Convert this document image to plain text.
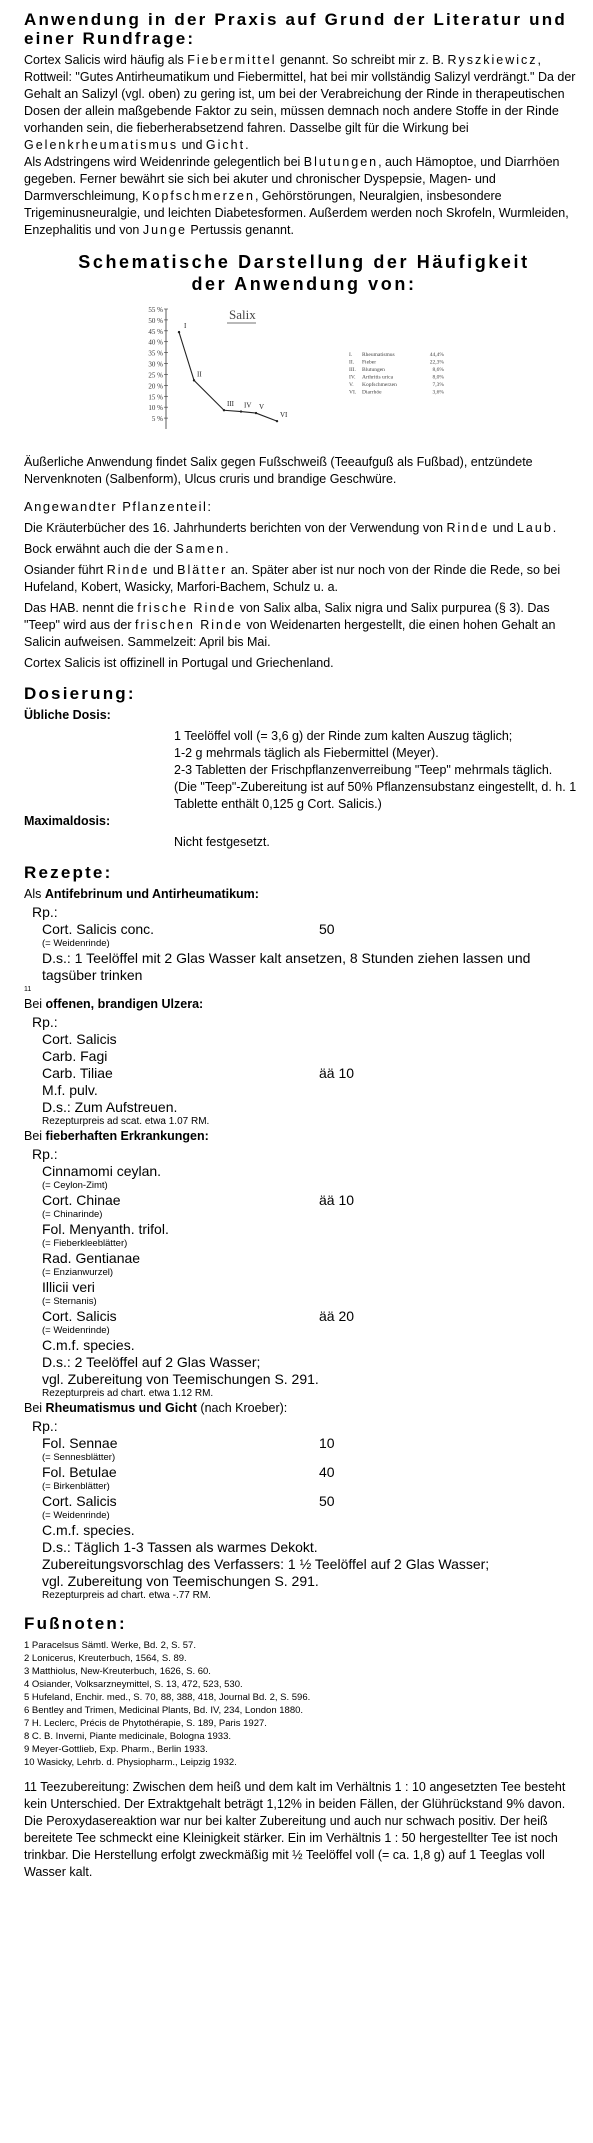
Anwendung in der Praxis auf Grund der Literatur und einer Rundfrage:

Cortex Salicis wird häufig als Fiebermittel genannt. So schreibt mir z. B. Ryszkiewicz, Rottweil: "Gutes Antirheumatikum und Fiebermittel, hat bei mir vollständig Salizyl verdrängt." Da der Gehalt an Salizyl (vgl. oben) zu gering ist, um bei der Verabreichung der Rinde in therapeutischen Dosen der allein maßgebende Faktor zu sein, müssen demnach noch andere Stoffe in der Rinde vorhanden sein, die fieberherabsetzend fahren. Dasselbe gilt für die Wirkung bei Gelenkrheumatismus und Gicht.

Als Adstringens wird Weidenrinde gelegentlich bei Blutungen, auch Hämoptoe, und Diarrhöen gegeben. Ferner bewährt sie sich bei akuter und chronischer Dyspepsie, Magen- und Darmverschleimung, Kopfschmerzen, Gehörstörungen, Neuralgien, insbesondere Trigeminusneuralgie, und leichten Diabetesformen. Außerdem werden noch Skrofeln, Wurmleiden, Enzephalitis und von Junge Pertussis genannt.

Schematische Darstellung der Häufigkeit
der Anwendung von:
55 %
50 %
45 %
40 %
35 %
30 %
25 %
20 %
15 %
10 %
5 %
Salix
I
II
III IV V
VI
I. Rheumatismus	44,4%
II. Fieber	22,3%
III. Blutungen	8,6%
IV. Arthritis urica	8,0%
V. Kopfschmerzen	7,3%
VI. Diarrhöe	3,6%

Äußerliche Anwendung findet Salix gegen Fußschweiß (Teeaufguß als Fußbad), entzündete Nervenknoten (Salbenform), Ulcus cruris und brandige Geschwüre.

Angewandter Pflanzenteil:

Die Kräuterbücher des 16. Jahrhunderts berichten von der Verwendung von Rinde und Laub.

Bock erwähnt auch die der Samen.

Osiander führt Rinde und Blätter an. Später aber ist nur noch von der Rinde die Rede, so bei Hufeland, Kobert, Wasicky, Marfori-Bachem, Schulz u. a.

Das HAB. nennt die frische Rinde von Salix alba, Salix nigra und Salix purpurea (§ 3). Das "Teep" wird aus der frischen Rinde von Weidenarten hergestellt, die einen hohen Gehalt an Salicin aufweisen. Sammelzeit: April bis Mai.

Cortex Salicis ist offizinell in Portugal und Griechenland.

Dosierung:

Übliche Dosis:

1 Teelöffel voll (= 3,6 g) der Rinde zum kalten Auszug täglich;

1-2 g mehrmals täglich als Fiebermittel (Meyer).

2-3 Tabletten der Frischpflanzenverreibung "Teep" mehrmals täglich.

(Die "Teep"-Zubereitung ist auf 50% Pflanzensubstanz eingestellt, d. h. 1 Tablette enthält 0,125 g Cort. Salicis.)

Maximaldosis:

Nicht festgesetzt.

Rezepte:

Als Antifebrinum und Antirheumatikum:

Rp.:
Cort. Salicis conc.	50
(= Weidenrinde)
D.s.: 1 Teelöffel mit 2 Glas Wasser kalt ansetzen, 8 Stunden ziehen lassen und tagsüber trinken
11

Bei offenen, brandigen Ulzera:

Rp.:
Cort. Salicis
Carb. Fagi
Carb. Tiliae	ää 10
M.f. pulv.
D.s.: Zum Aufstreuen.
Rezepturpreis ad scat. etwa 1.07 RM.

Bei fieberhaften Erkrankungen:

Rp.:
Cinnamomi ceylan.
(= Ceylon-Zimt)
Cort. Chinae	ää 10
(= Chinarinde)
Fol. Menyanth. trifol.
(= Fieberkleeblätter)
Rad. Gentianae
(= Enzianwurzel)
Illicii veri
(= Sternanis)
Cort. Salicis	ää 20
(= Weidenrinde)
C.m.f. species.
D.s.: 2 Teelöffel auf 2 Glas Wasser;
vgl. Zubereitung von Teemischungen S. 291.
Rezepturpreis ad chart. etwa 1.12 RM.

Bei Rheumatismus und Gicht (nach Kroeber):

Rp.:
Fol. Sennae	10
(= Sennesblätter)
Fol. Betulae	40
(= Birkenblätter)
Cort. Salicis	50
(= Weidenrinde)
C.m.f. species.
D.s.: Täglich 1-3 Tassen als warmes Dekokt.
Zubereitungsvorschlag des Verfassers: 1 ½ Teelöffel auf 2 Glas Wasser;
vgl. Zubereitung von Teemischungen S. 291.
Rezepturpreis ad chart. etwa -.77 RM.
Fußnoten:

1 Paracelsus Sämtl. Werke, Bd. 2, S. 57.

2 Lonicerus, Kreuterbuch, 1564, S. 89.

3 Matthiolus, New-Kreuterbuch, 1626, S. 60.

4 Osiander, Volksarzneymittel, S. 13, 472, 523, 530.

5 Hufeland, Enchir. med., S. 70, 88, 388, 418, Journal Bd. 2, S. 596.

6 Bentley and Trimen, Medicinal Plants, Bd. IV, 234, London 1880.

7 H. Leclerc, Précis de Phytothérapie, S. 189, Paris 1927.

8 C. B. Inverni, Piante medicinale, Bologna 1933.

9 Meyer-Gottlieb, Exp. Pharm., Berlin 1933.

10 Wasicky, Lehrb. d. Physiopharm., Leipzig 1932.

11 Teezubereitung: Zwischen dem heiß und dem kalt im Verhältnis 1 : 10 angesetzten Tee besteht kein Unterschied. Der Extraktgehalt beträgt 1,12% in beiden Fällen, der Glührückstand 9% davon. Die Peroxydasereaktion war nur bei kalter Zubereitung und auch nur schwach positiv. Der heiß bereitete Tee schmeckt eine Kleinigkeit stärker. Ein im Verhältnis 1 : 50 hergestellter Tee ist noch trinkbar. Die Herstellung erfolgt zweckmäßig mit ½ Teelöffel voll (= ca. 1,8 g) auf 1 Teeglas voll Wasser kalt.
